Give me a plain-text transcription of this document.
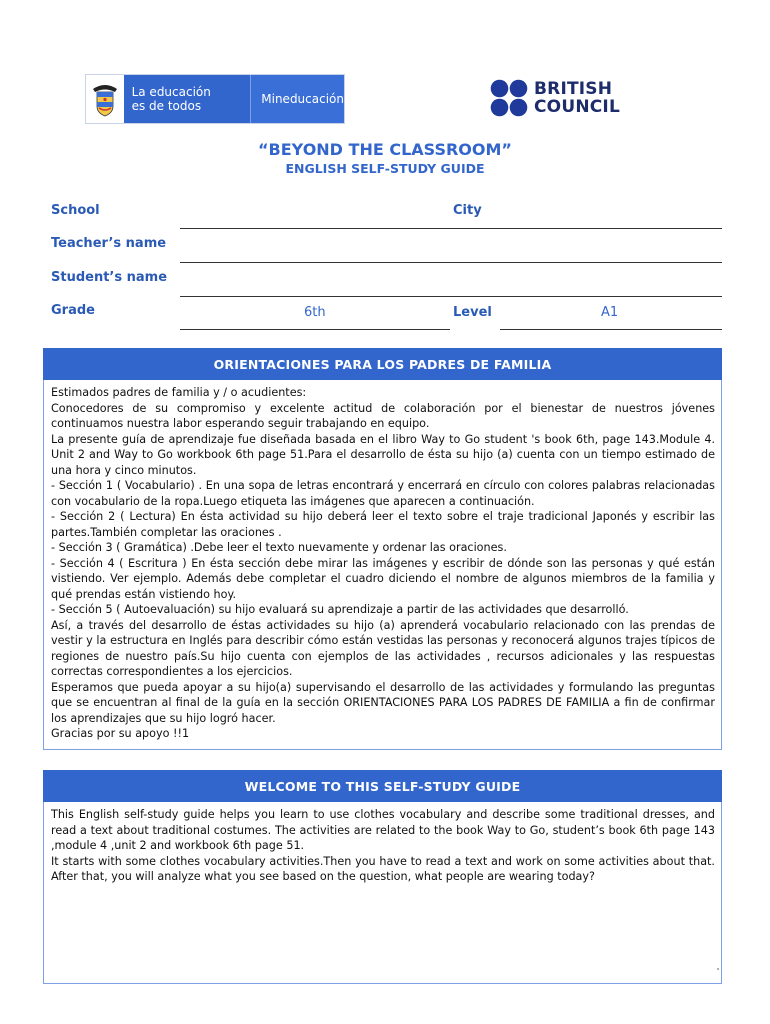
La educación
es de todos	Mineducación	BRITISH
COUNCIL
“BEYOND THE CLASSROOM”
ENGLISH SELF-STUDY GUIDE
School	City
Teacher’s name
Student’s name
Grade	6th	Level	A1
ORIENTACIONES PARA LOS PADRES DE FAMILIA

Estimados padres de familia y / o acudientes:

Conocedores de su compromiso y excelente actitud de colaboración por el bienestar de nuestros jóvenes continuamos nuestra labor esperando seguir trabajando en equipo.

La presente guía de aprendizaje fue diseñada basada en el libro Way to Go student 's book 6th, page 143.Module 4. Unit 2 and Way to Go workbook 6th page 51.Para el desarrollo de ésta su hijo (a) cuenta con un tiempo estimado de una hora y cinco minutos.

- Sección 1 ( Vocabulario) . En una sopa de letras encontrará y encerrará en círculo con colores palabras relacionadas con vocabulario de la ropa.Luego etiqueta las imágenes que aparecen a continuación.

- Sección 2 ( Lectura) En ésta actividad su hijo deberá leer el texto sobre el traje tradicional Japonés y escribir las partes.También completar las oraciones .

- Sección 3 ( Gramática) .Debe leer el texto nuevamente y ordenar las oraciones.

- Sección 4 ( Escritura ) En ésta sección debe mirar las imágenes y escribir de dónde son las personas y qué están vistiendo. Ver ejemplo. Además debe completar el cuadro diciendo el nombre de algunos miembros de la familia y qué prendas están vistiendo hoy.

- Sección 5 ( Autoevaluación) su hijo evaluará su aprendizaje a partir de las actividades que desarrolló.

Así, a través del desarrollo de éstas actividades su hijo (a) aprenderá vocabulario relacionado con las prendas de vestir y la estructura en Inglés para describir cómo están vestidas las personas y reconocerá algunos trajes típicos de regiones de nuestro país.Su hijo cuenta con ejemplos de las actividades , recursos adicionales y las respuestas correctas correspondientes a los ejercicios.

Esperamos que pueda apoyar a su hijo(a) supervisando el desarrollo de las actividades y formulando las preguntas que se encuentran al final de la guía en la sección ORIENTACIONES PARA LOS PADRES DE FAMILIA a fin de confirmar los aprendizajes que su hijo logró hacer.

Gracias por su apoyo !!1

WELCOME TO THIS SELF-STUDY GUIDE

This English self-study guide helps you learn to use clothes vocabulary and describe some traditional dresses, and read a text about traditional costumes. The activities are related to the book Way to Go, student’s book 6th page 143 ,module 4 ,unit 2 and workbook 6th page 51.

It starts with some clothes vocabulary activities.Then you have to read a text and work on some activities about that. After that, you will analyze what you see based on the question, what people are wearing today?
